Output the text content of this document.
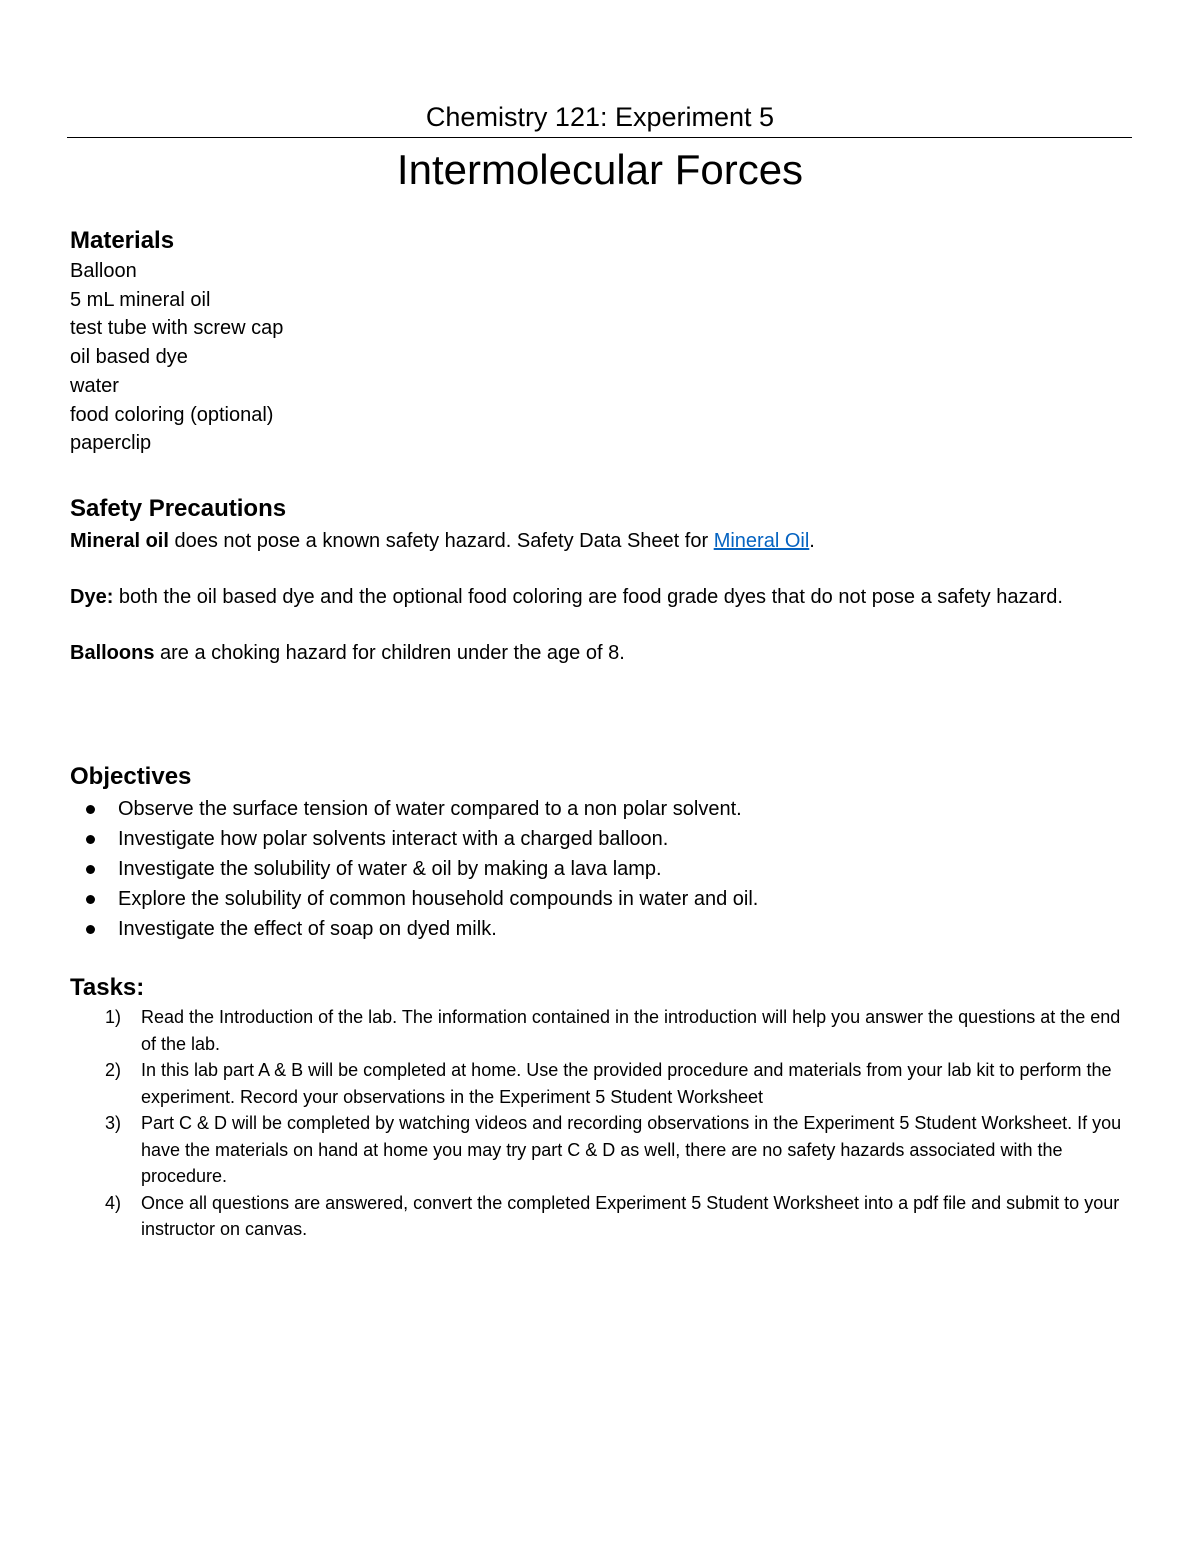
Chemistry 121: Experiment 5
Intermolecular Forces

Materials

Balloon

5 mL mineral oil

test tube with screw cap

oil based dye

water

food coloring (optional)

paperclip

Safety Precautions

Mineral oil does not pose a known safety hazard. Safety Data Sheet for Mineral Oil.

Dye: both the oil based dye and the optional food coloring are food grade dyes that do not pose a safety hazard.

Balloons are a choking hazard for children under the age of 8.

Objectives

Observe the surface tension of water compared to a non polar solvent.
Investigate how polar solvents interact with a charged balloon.
Investigate the solubility of water & oil by making a lava lamp.
Explore the solubility of common household compounds in water and oil.
Investigate the effect of soap on dyed milk.

Tasks:

1) Read the Introduction of the lab. The information contained in the introduction will help you answer the questions at the end of the lab.
2) In this lab part A & B will be completed at home. Use the provided procedure and materials from your lab kit to perform the experiment. Record your observations in the Experiment 5 Student Worksheet
3) Part C & D will be completed by watching videos and recording observations in the Experiment 5 Student Worksheet. If you have the materials on hand at home you may try part C & D as well, there are no safety hazards associated with the procedure.
4) Once all questions are answered, convert the completed Experiment 5 Student Worksheet into a pdf file and submit to your instructor on canvas.
